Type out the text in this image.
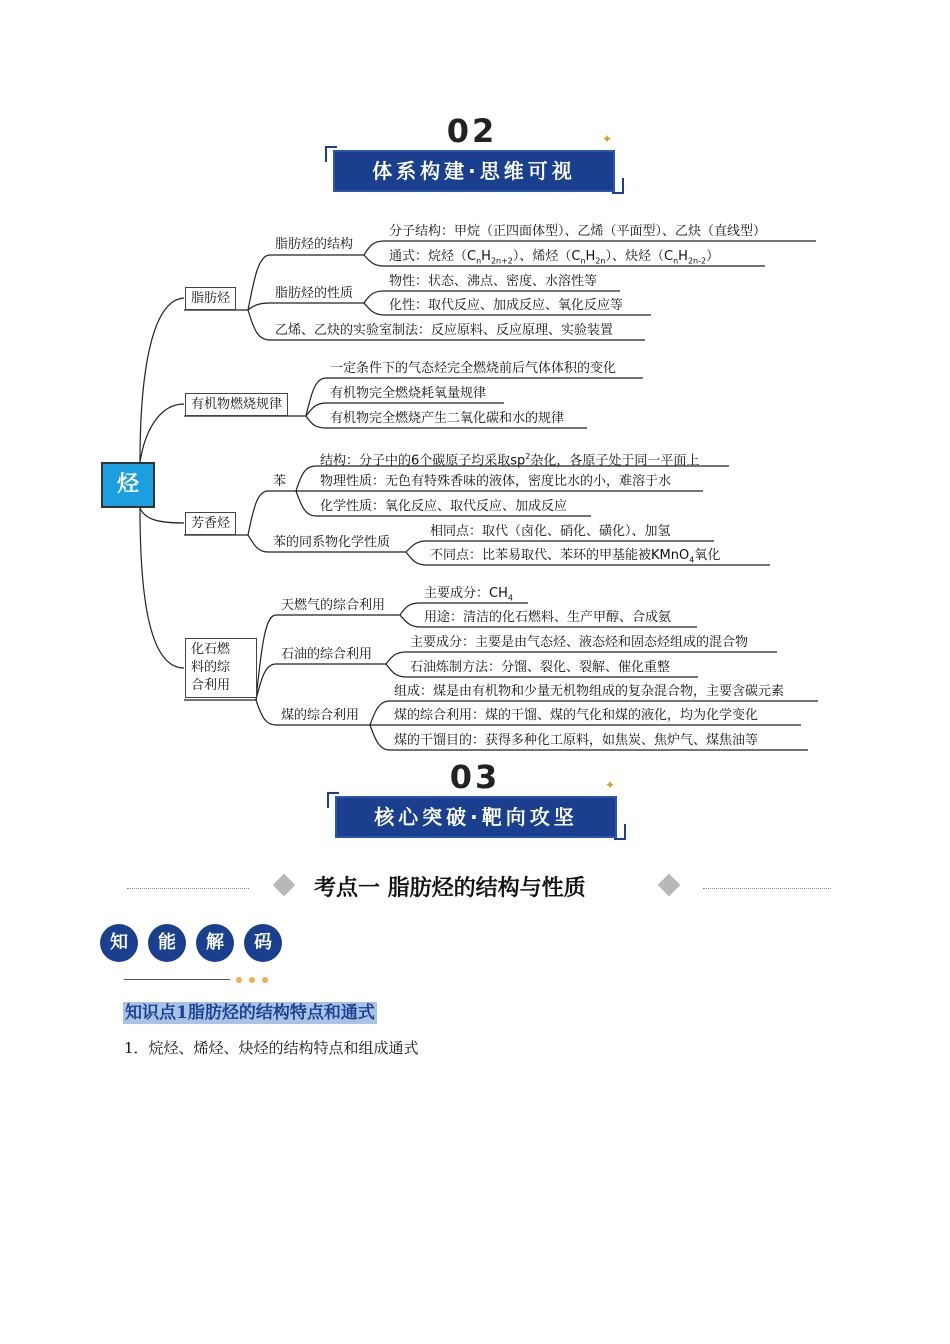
02
体系构建·思维可视
✦
烃
脂肪烃
有机物燃烧规律
芳香烃
化石燃
料的综
合利用
脂肪烃的结构
脂肪烃的性质
分子结构：甲烷（正四面体型）、乙烯（平面型）、乙炔（直线型）
通式：烷烃$(C_nH_{2n+2})$、烯烃$(C_nH_{2n})$、炔烃$(C_nH_{2n-2})$
物性：状态、沸点、密度、水溶性等
化性：取代反应、加成反应、氧化反应等
乙烯、乙炔的实验室制法：反应原料、反应原理、实验装置
一定条件下的气态烃完全燃烧前后气体体积的变化
有机物完全燃烧耗氧量规律
有机物完全燃烧产生二氧化碳和水的规律
苯
苯的同系物化学性质
结构：分子中的6个碳原子均采取$sp^2$杂化，各原子处于同一平面上
物理性质：无色有特殊香味的液体，密度比水的小，难溶于水
化学性质：氧化反应、取代反应、加成反应
相同点：取代（卤化、硝化、磺化）、加氢
不同点：比苯易取代、苯环的甲基能被KMnO$_4$氧化
天燃气的综合利用
石油的综合利用
煤的综合利用
主要成分：$CH_4$
用途：清洁的化石燃料、生产甲醇、合成氨
主要成分：主要是由气态烃、液态烃和固态烃组成的混合物
石油炼制方法：分馏、裂化、裂解、催化重整
组成：煤是由有机物和少量无机物组成的复杂混合物，主要含碳元素
煤的综合利用：煤的干馏、煤的气化和煤的液化，均为化学变化
煤的干馏目的：获得多种化工原料，如焦炭、焦炉气、煤焦油等
03
核心突破·靶向攻坚
✦
考点一 脂肪烃的结构与性质
知	能	解	码
知识点1脂肪烃的结构特点和通式
1．烷烃、烯烃、炔烃的结构特点和组成通式
